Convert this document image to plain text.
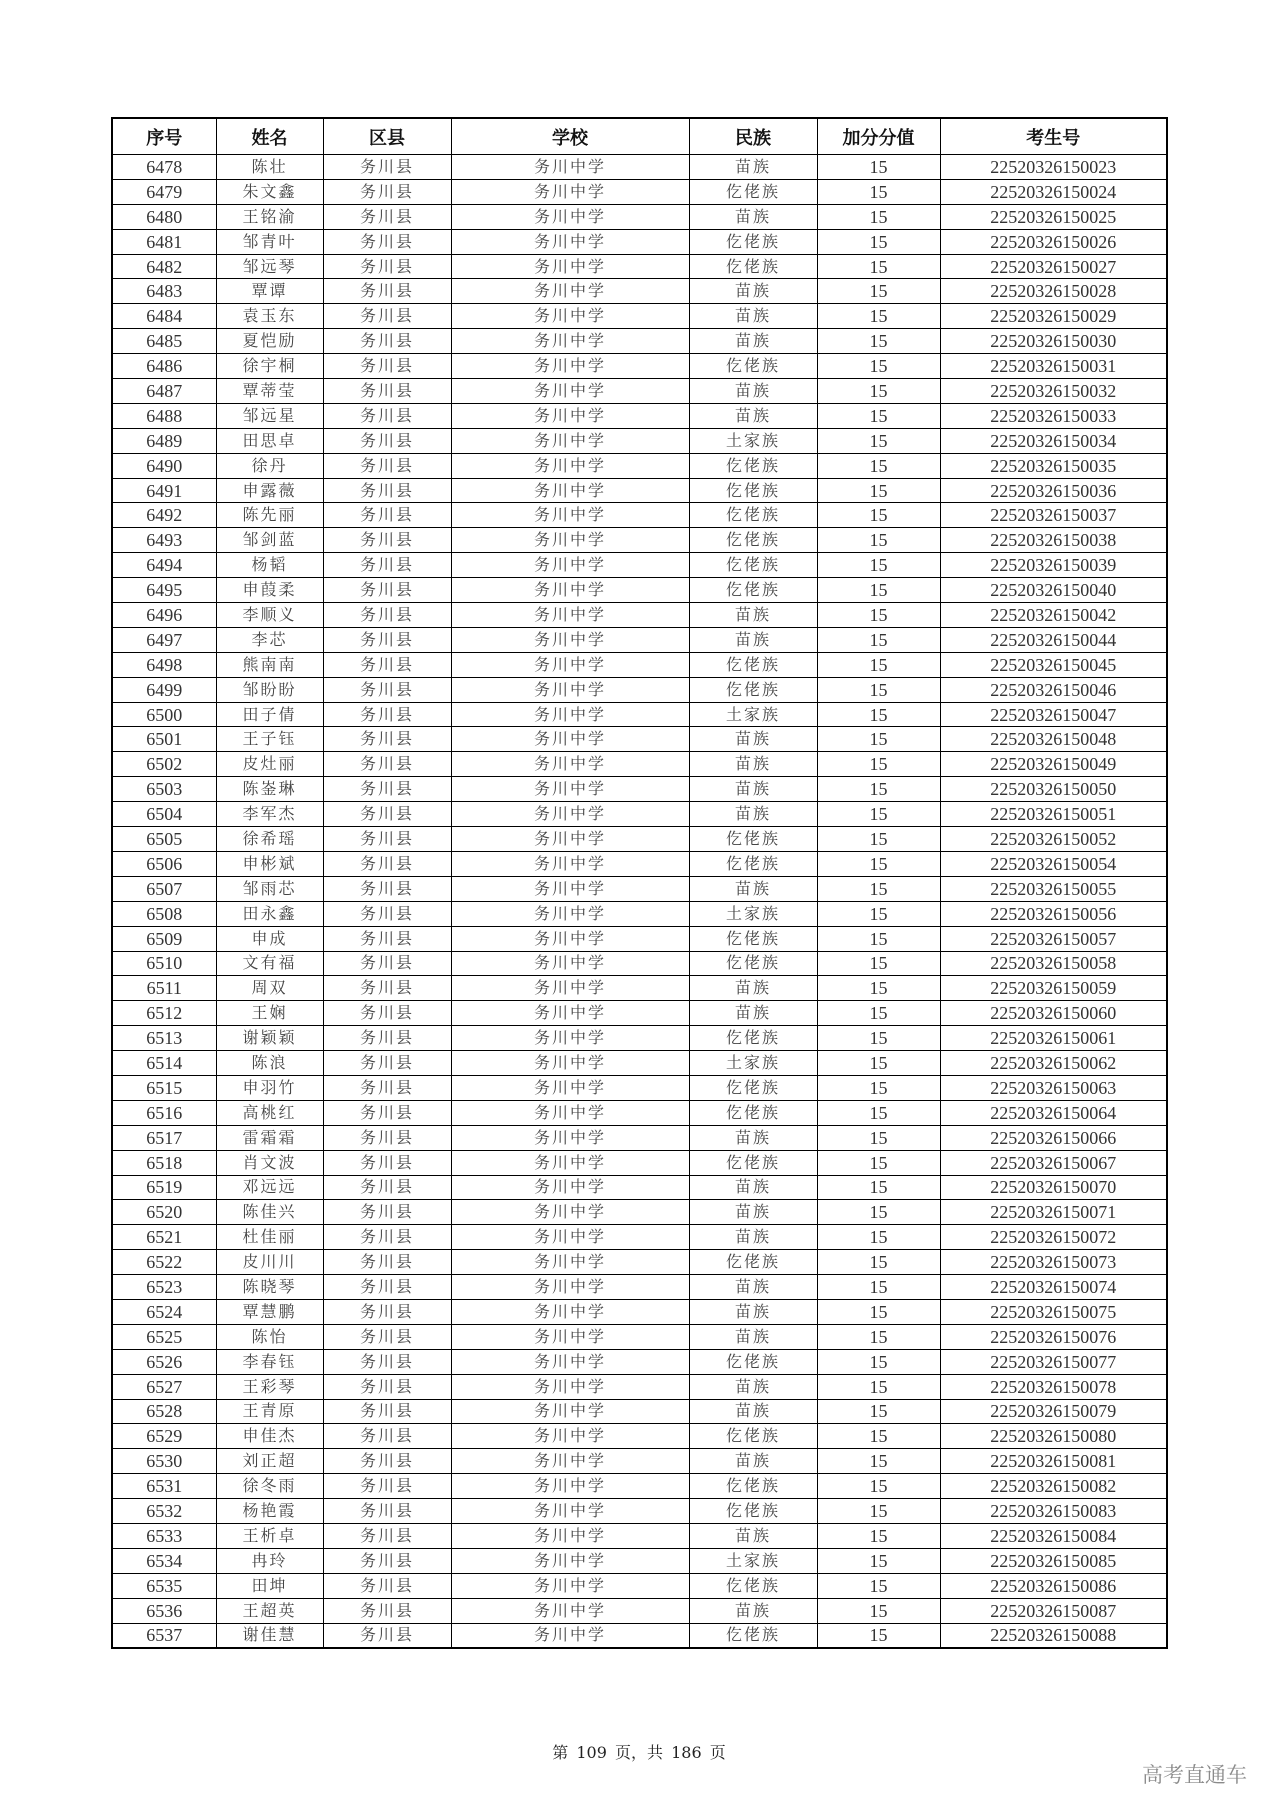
序号	姓名	区县	学校	民族	加分分值	考生号
6478	陈壮	务川县	务川中学	苗族	15	22520326150023
6479	朱文鑫	务川县	务川中学	仡佬族	15	22520326150024
6480	王铭渝	务川县	务川中学	苗族	15	22520326150025
6481	邹青叶	务川县	务川中学	仡佬族	15	22520326150026
6482	邹远琴	务川县	务川中学	仡佬族	15	22520326150027
6483	覃谭	务川县	务川中学	苗族	15	22520326150028
6484	袁玉东	务川县	务川中学	苗族	15	22520326150029
6485	夏恺励	务川县	务川中学	苗族	15	22520326150030
6486	徐宇桐	务川县	务川中学	仡佬族	15	22520326150031
6487	覃蒂莹	务川县	务川中学	苗族	15	22520326150032
6488	邹远星	务川县	务川中学	苗族	15	22520326150033
6489	田思卓	务川县	务川中学	土家族	15	22520326150034
6490	徐丹	务川县	务川中学	仡佬族	15	22520326150035
6491	申露薇	务川县	务川中学	仡佬族	15	22520326150036
6492	陈先丽	务川县	务川中学	仡佬族	15	22520326150037
6493	邹剑蓝	务川县	务川中学	仡佬族	15	22520326150038
6494	杨韬	务川县	务川中学	仡佬族	15	22520326150039
6495	申葭柔	务川县	务川中学	仡佬族	15	22520326150040
6496	李顺义	务川县	务川中学	苗族	15	22520326150042
6497	李芯	务川县	务川中学	苗族	15	22520326150044
6498	熊南南	务川县	务川中学	仡佬族	15	22520326150045
6499	邹盼盼	务川县	务川中学	仡佬族	15	22520326150046
6500	田子倩	务川县	务川中学	土家族	15	22520326150047
6501	王子钰	务川县	务川中学	苗族	15	22520326150048
6502	皮灶丽	务川县	务川中学	苗族	15	22520326150049
6503	陈崟琳	务川县	务川中学	苗族	15	22520326150050
6504	李军杰	务川县	务川中学	苗族	15	22520326150051
6505	徐希瑶	务川县	务川中学	仡佬族	15	22520326150052
6506	申彬斌	务川县	务川中学	仡佬族	15	22520326150054
6507	邹雨芯	务川县	务川中学	苗族	15	22520326150055
6508	田永鑫	务川县	务川中学	土家族	15	22520326150056
6509	申成	务川县	务川中学	仡佬族	15	22520326150057
6510	文有福	务川县	务川中学	仡佬族	15	22520326150058
6511	周双	务川县	务川中学	苗族	15	22520326150059
6512	王娴	务川县	务川中学	苗族	15	22520326150060
6513	谢颖颖	务川县	务川中学	仡佬族	15	22520326150061
6514	陈浪	务川县	务川中学	土家族	15	22520326150062
6515	申羽竹	务川县	务川中学	仡佬族	15	22520326150063
6516	高桃红	务川县	务川中学	仡佬族	15	22520326150064
6517	雷霜霜	务川县	务川中学	苗族	15	22520326150066
6518	肖文波	务川县	务川中学	仡佬族	15	22520326150067
6519	邓远远	务川县	务川中学	苗族	15	22520326150070
6520	陈佳兴	务川县	务川中学	苗族	15	22520326150071
6521	杜佳丽	务川县	务川中学	苗族	15	22520326150072
6522	皮川川	务川县	务川中学	仡佬族	15	22520326150073
6523	陈晓琴	务川县	务川中学	苗族	15	22520326150074
6524	覃慧鹏	务川县	务川中学	苗族	15	22520326150075
6525	陈怡	务川县	务川中学	苗族	15	22520326150076
6526	李春钰	务川县	务川中学	仡佬族	15	22520326150077
6527	王彩琴	务川县	务川中学	苗族	15	22520326150078
6528	王青原	务川县	务川中学	苗族	15	22520326150079
6529	申佳杰	务川县	务川中学	仡佬族	15	22520326150080
6530	刘正超	务川县	务川中学	苗族	15	22520326150081
6531	徐冬雨	务川县	务川中学	仡佬族	15	22520326150082
6532	杨艳霞	务川县	务川中学	仡佬族	15	22520326150083
6533	王析卓	务川县	务川中学	苗族	15	22520326150084
6534	冉玲	务川县	务川中学	土家族	15	22520326150085
6535	田坤	务川县	务川中学	仡佬族	15	22520326150086
6536	王超英	务川县	务川中学	苗族	15	22520326150087
6537	谢佳慧	务川县	务川中学	仡佬族	15	22520326150088
第 109 页，共 186 页
高考直通车
